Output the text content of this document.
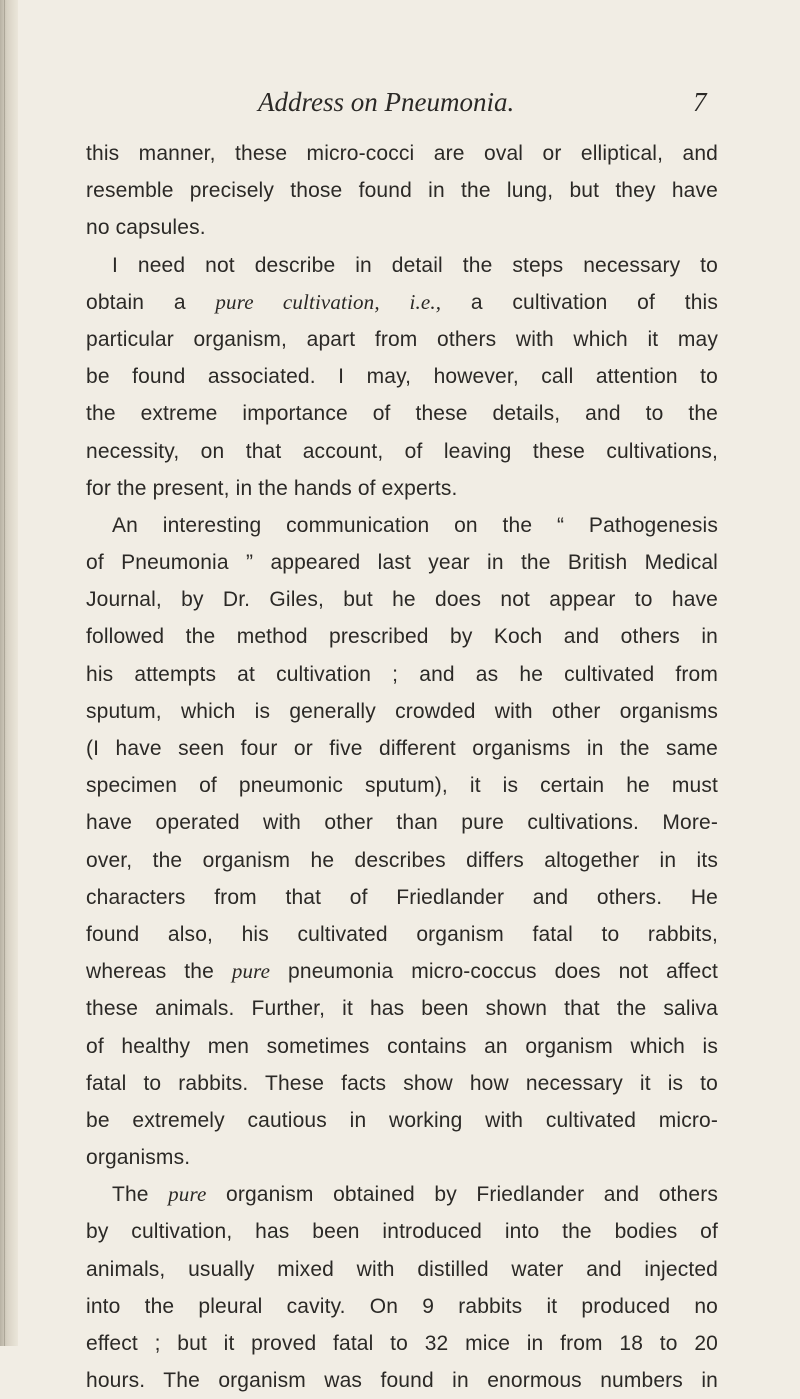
Address on Pneumonia.	7
this manner, these micro-cocci are oval or elliptical, and
resemble precisely those found in the lung, but they have
no capsules.
I need not describe in detail the steps necessary to
obtain a pure cultivation, i.e., a cultivation of this
particular organism, apart from others with which it may
be found associated. I may, however, call attention to
the extreme importance of these details, and to the
necessity, on that account, of leaving these cultivations,
for the present, in the hands of experts.
An interesting communication on the “ Pathogenesis
of Pneumonia ” appeared last year in the British Medical
Journal, by Dr. Giles, but he does not appear to have
followed the method prescribed by Koch and others in
his attempts at cultivation ; and as he cultivated from
sputum, which is generally crowded with other organisms
(I have seen four or five different organisms in the same
specimen of pneumonic sputum), it is certain he must
have operated with other than pure cultivations. More-
over, the organism he describes differs altogether in its
characters from that of Friedlander and others. He
found also, his cultivated organism fatal to rabbits,
whereas the pure pneumonia micro-coccus does not affect
these animals. Further, it has been shown that the saliva
of healthy men sometimes contains an organism which is
fatal to rabbits. These facts show how necessary it is to
be extremely cautious in working with cultivated micro-
organisms.
The pure organism obtained by Friedlander and others
by cultivation, has been introduced into the bodies of
animals, usually mixed with distilled water and injected
into the pleural cavity. On 9 rabbits it produced no
effect ; but it proved fatal to 32 mice in from 18 to 20
hours. The organism was found in enormous numbers in
